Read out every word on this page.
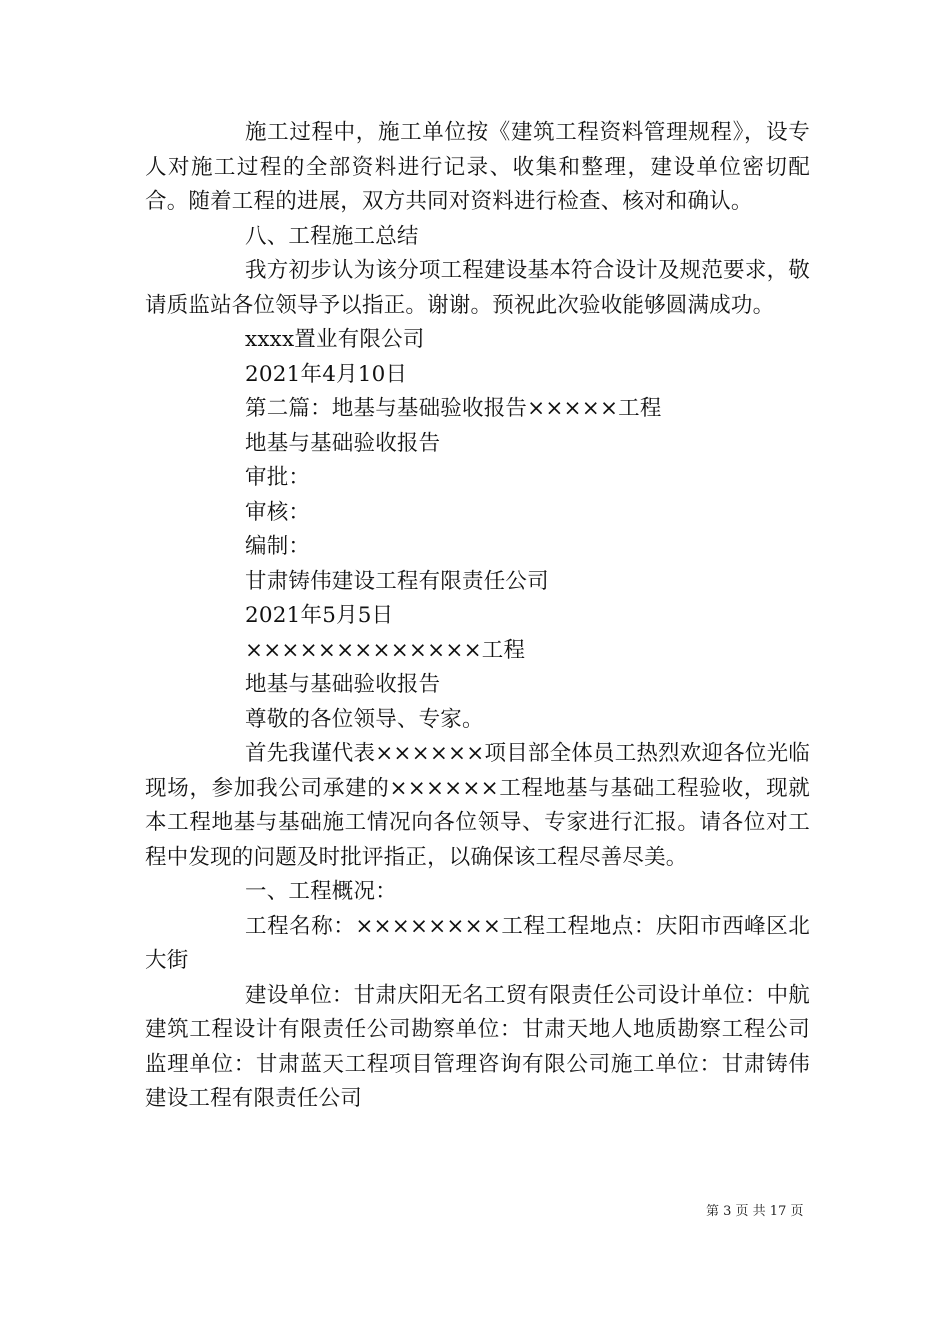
施工过程中，施工单位按《建筑工程资料管理规程》，设专人对施工过程的全部资料进行记录、收集和整理，建设单位密切配合。随着工程的进展，双方共同对资料进行检查、核对和确认。

八、工程施工总结

我方初步认为该分项工程建设基本符合设计及规范要求，敬请质监站各位领导予以指正。谢谢。预祝此次验收能够圆满成功。

xxxx置业有限公司

2021年4月10日

第二篇：地基与基础验收报告×××××工程

地基与基础验收报告

审批：

审核：

编制：

甘肃铸伟建设工程有限责任公司

2021年5月5日

×××××××××××××工程

地基与基础验收报告

尊敬的各位领导、专家。

首先我谨代表××××××项目部全体员工热烈欢迎各位光临现场，参加我公司承建的××××××工程地基与基础工程验收，现就本工程地基与基础施工情况向各位领导、专家进行汇报。请各位对工程中发现的问题及时批评指正，以确保该工程尽善尽美。

一、工程概况：

工程名称：××××××××工程工程地点：庆阳市西峰区北大街

建设单位：甘肃庆阳无名工贸有限责任公司设计单位：中航建筑工程设计有限责任公司勘察单位：甘肃天地人地质勘察工程公司监理单位：甘肃蓝天工程项目管理咨询有限公司施工单位：甘肃铸伟建设工程有限责任公司

第 3 页 共 17 页
